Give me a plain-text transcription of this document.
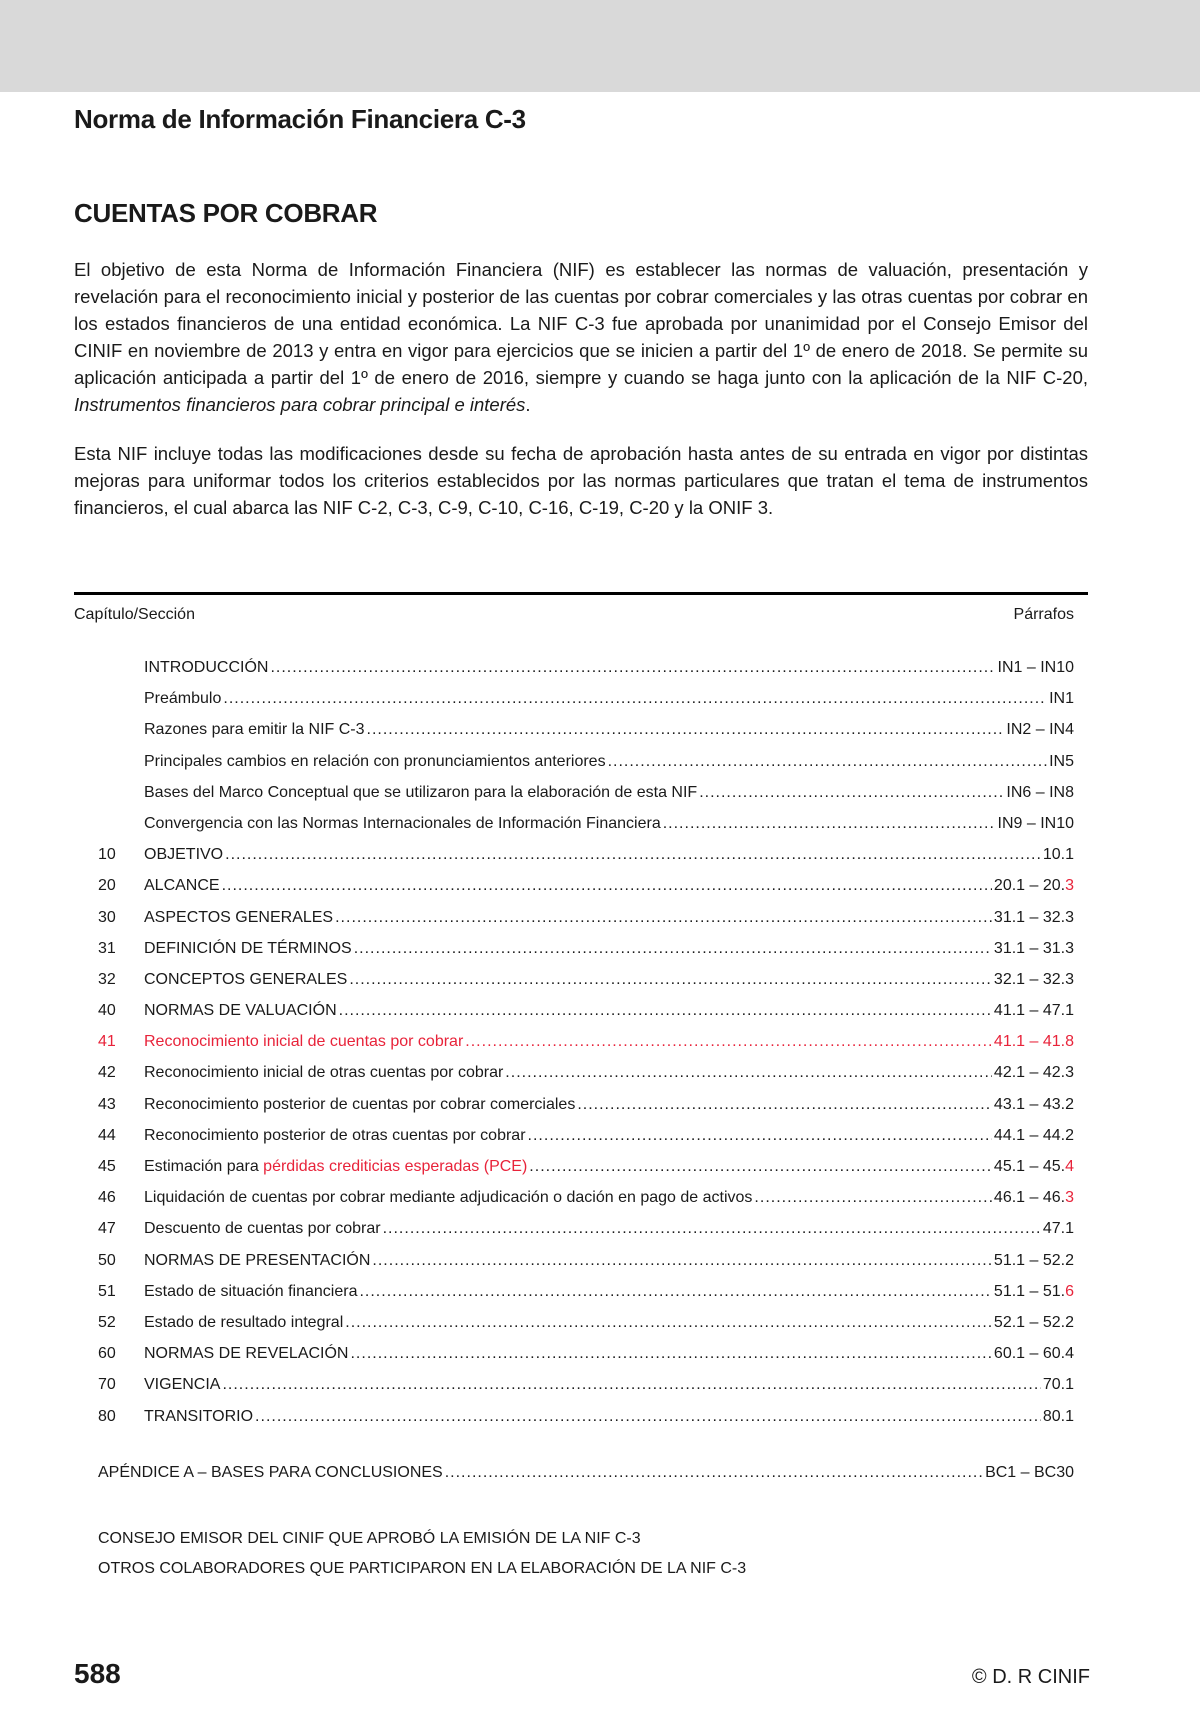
Norma de Información Financiera C-3
CUENTAS POR COBRAR

El objetivo de esta Norma de Información Financiera (NIF) es establecer las normas de valuación, presentación y revelación para el reconocimiento inicial y posterior de las cuentas por cobrar comerciales y las otras cuentas por cobrar en los estados financieros de una entidad económica. La NIF C-3 fue aprobada por unanimidad por el Consejo Emisor del CINIF en noviembre de 2013 y entra en vigor para ejercicios que se inicien a partir del 1º de enero de 2018. Se permite su aplicación anticipada a partir del 1º de enero de 2016, siempre y cuando se haga junto con la aplicación de la NIF C-20, Instrumentos financieros para cobrar principal e interés.

Esta NIF incluye todas las modificaciones desde su fecha de aprobación hasta antes de su entrada en vigor por distintas mejoras para uniformar todos los criterios establecidos por las normas particulares que tratan el tema de instrumentos financieros, el cual abarca las NIF C-2, C-3, C-9, C-10, C-16, C-19, C-20 y la ONIF 3.

Capítulo/Sección	Párrafos
INTRODUCCIÓN .....	IN1 – IN10
Preámbulo .....	IN1
Razones para emitir la NIF C-3 .....	IN2 – IN4
Principales cambios en relación con pronunciamientos anteriores .....	IN5
Bases del Marco Conceptual que se utilizaron para la elaboración de esta NIF .....	IN6 – IN8
Convergencia con las Normas Internacionales de Información Financiera .....	IN9 – IN10
10	OBJETIVO .....	10.1
20	ALCANCE .....	20.1 – 20.3
30	ASPECTOS GENERALES .....	31.1 – 32.3
31	DEFINICIÓN DE TÉRMINOS .....	31.1 – 31.3
32	CONCEPTOS GENERALES .....	32.1 – 32.3
40	NORMAS DE VALUACIÓN .....	41.1 – 47.1
41	Reconocimiento inicial de cuentas por cobrar .....	41.1 – 41.8
42	Reconocimiento inicial de otras cuentas por cobrar .....	42.1 – 42.3
43	Reconocimiento posterior de cuentas por cobrar comerciales .....	43.1 – 43.2
44	Reconocimiento posterior de otras cuentas por cobrar .....	44.1 – 44.2
45	Estimación para pérdidas crediticias esperadas (PCE) .....	45.1 – 45.4
46	Liquidación de cuentas por cobrar mediante adjudicación o dación en pago de activos .....	46.1 – 46.3
47	Descuento de cuentas por cobrar .....	47.1
50	NORMAS DE PRESENTACIÓN .....	51.1 – 52.2
51	Estado de situación financiera .....	51.1 – 51.6
52	Estado de resultado integral .....	52.1 – 52.2
60	NORMAS DE REVELACIÓN .....	60.1 – 60.4
70	VIGENCIA .....	70.1
80	TRANSITORIO .....	80.1
APÉNDICE A – BASES PARA CONCLUSIONES .....	BC1 – BC30
CONSEJO EMISOR DEL CINIF QUE APROBÓ LA EMISIÓN DE LA NIF C-3
OTROS COLABORADORES QUE PARTICIPARON EN LA ELABORACIÓN DE LA NIF C-3
588	© D. R CINIF
